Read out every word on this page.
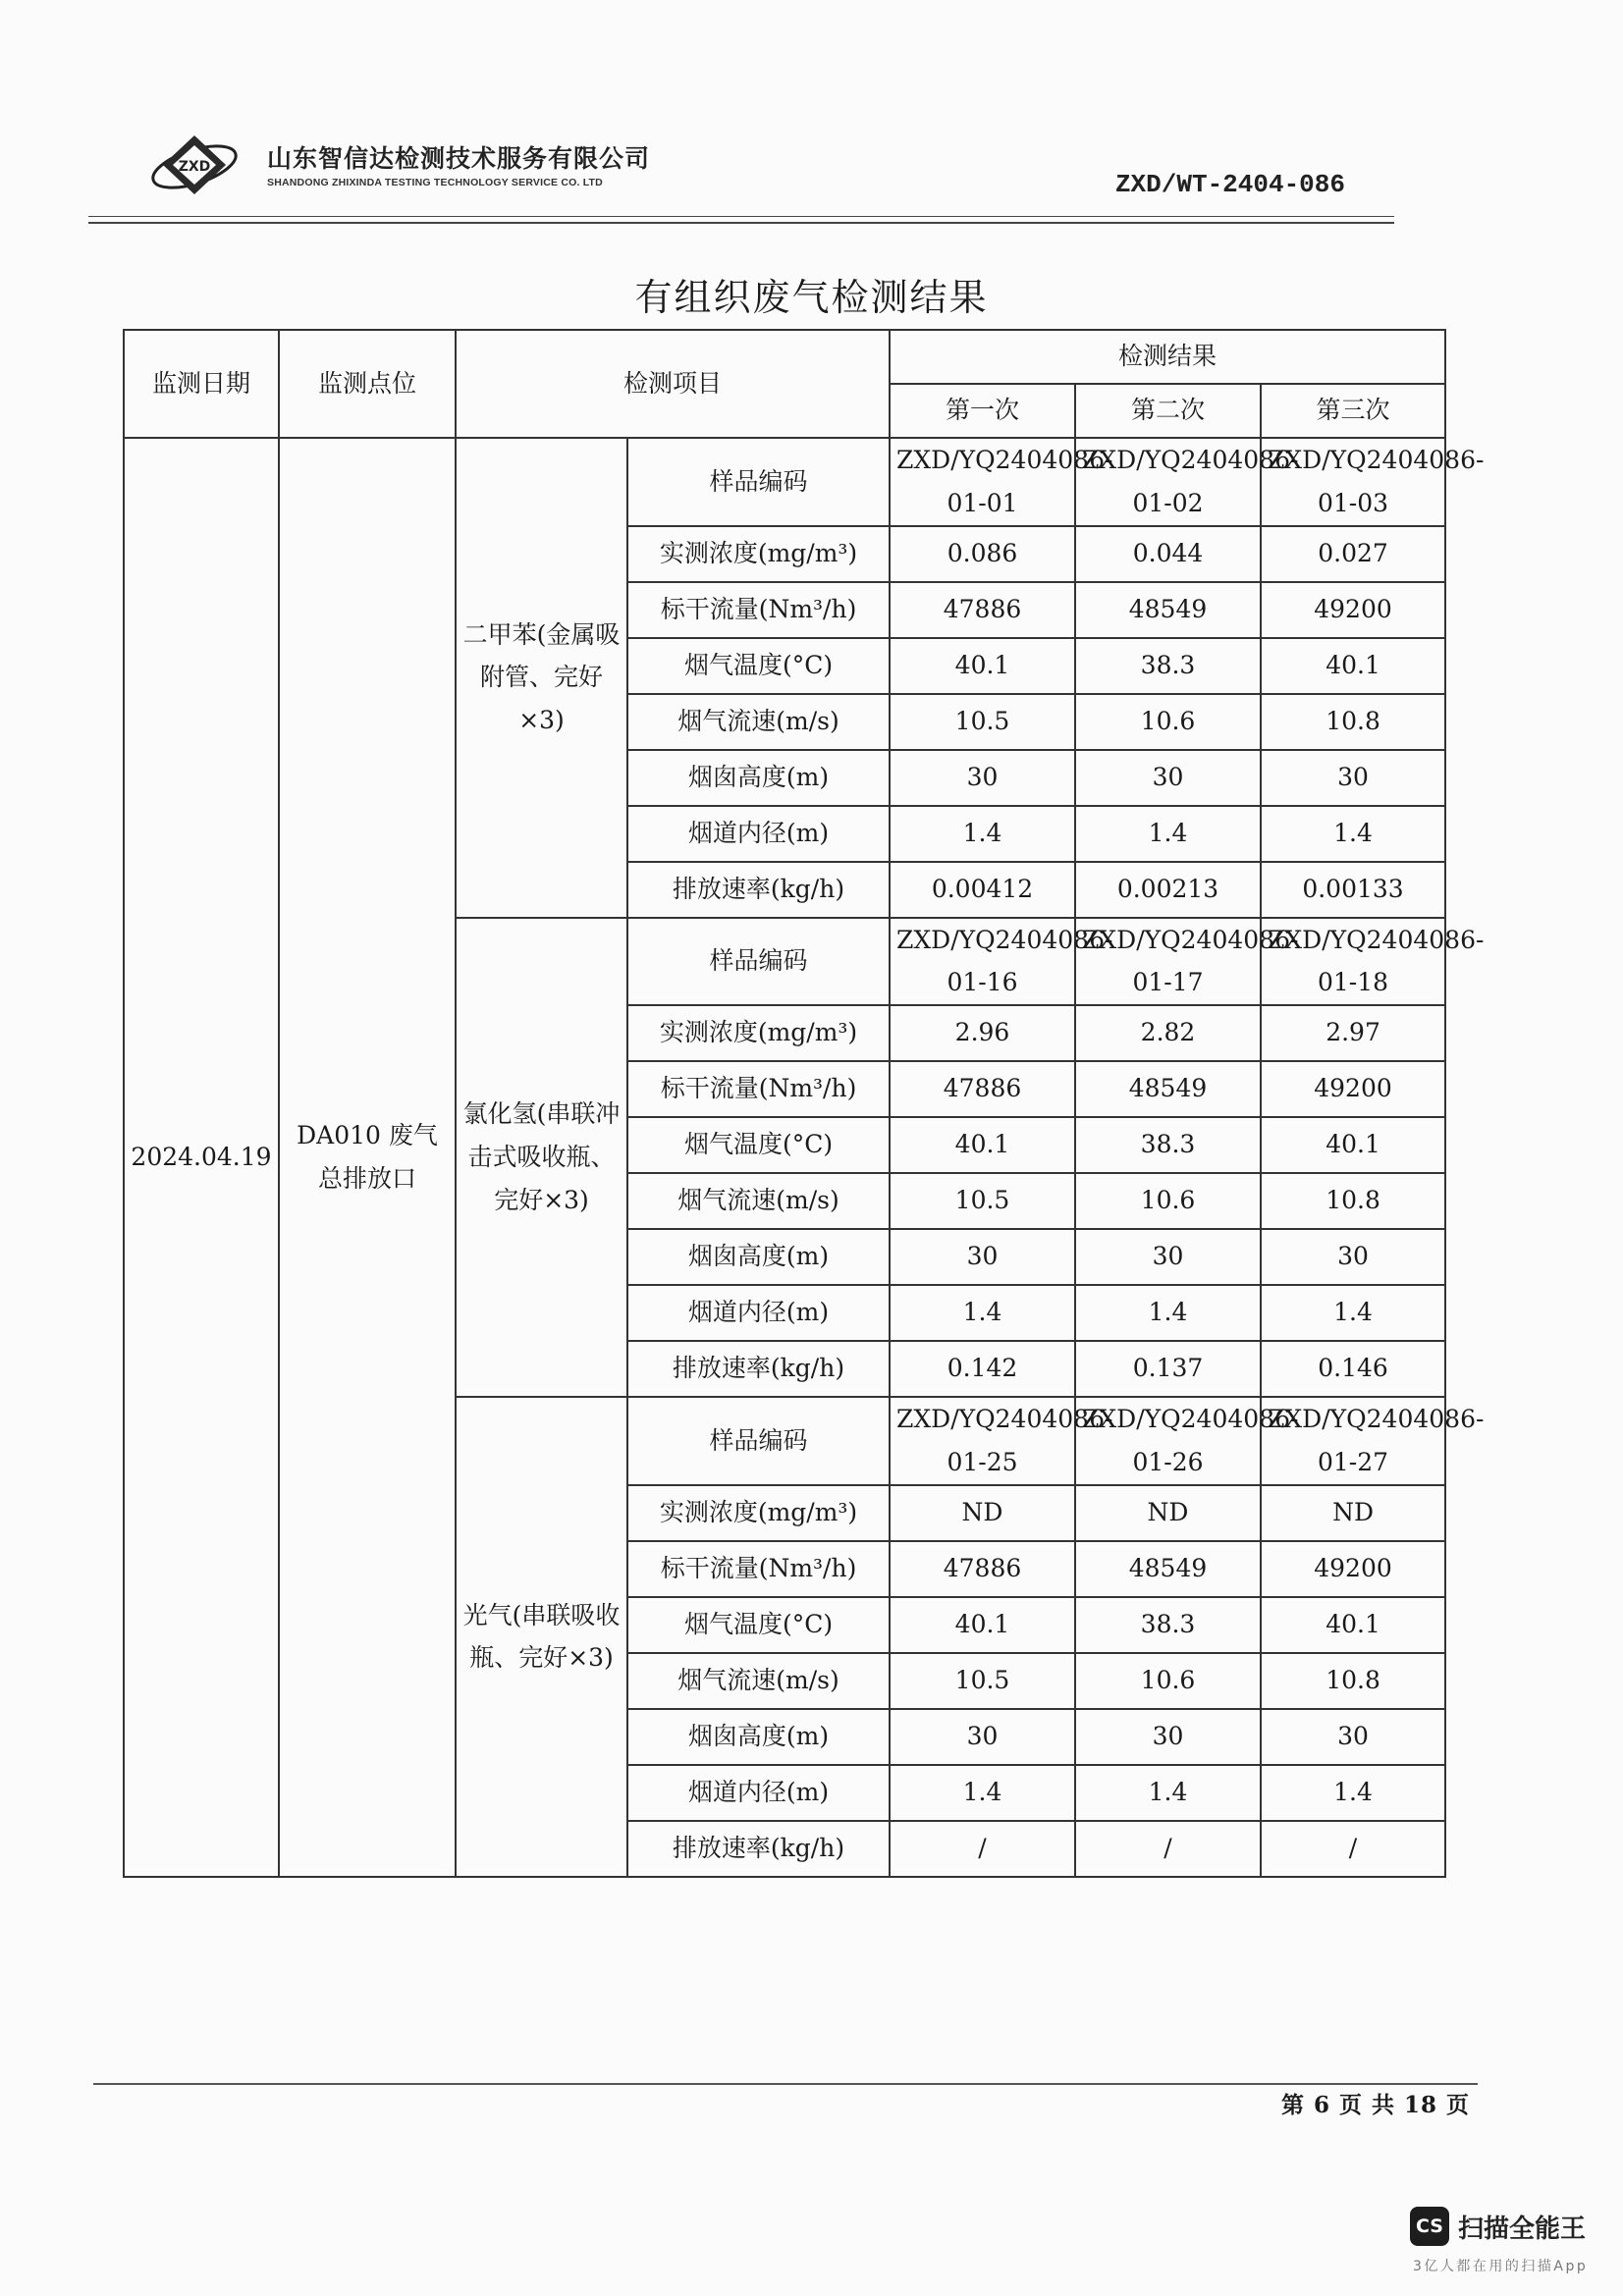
ZXD 山东智信达检测技术服务有限公司
SHANDONG ZHIXINDA TESTING TECHNOLOGY SERVICE CO. LTD	ZXD/WT-2404-086
有组织废气检测结果
监测日期	监测点位	检测项目		检测结果		
				第一次	第二次	第三次
2024.04.19	DA010 废气总排放口	二甲苯(金属吸附管、完好×3)	样品编码	ZXD/YQ2404086-01-01	ZXD/YQ2404086-01-02	ZXD/YQ2404086-01-03
			实测浓度(mg/m³)	0.086	0.044	0.027
			标干流量(Nm³/h)	47886	48549	49200
			烟气温度(°C)	40.1	38.3	40.1
			烟气流速(m/s)	10.5	10.6	10.8
			烟囱高度(m)	30	30	30
			烟道内径(m)	1.4	1.4	1.4
			排放速率(kg/h)	0.00412	0.00213	0.00133
		氯化氢(串联冲击式吸收瓶、完好×3)	样品编码	ZXD/YQ2404086-01-16	ZXD/YQ2404086-01-17	ZXD/YQ2404086-01-18
			实测浓度(mg/m³)	2.96	2.82	2.97
			标干流量(Nm³/h)	47886	48549	49200
			烟气温度(°C)	40.1	38.3	40.1
			烟气流速(m/s)	10.5	10.6	10.8
			烟囱高度(m)	30	30	30
			烟道内径(m)	1.4	1.4	1.4
			排放速率(kg/h)	0.142	0.137	0.146
		光气(串联吸收瓶、完好×3)	样品编码	ZXD/YQ2404086-01-25	ZXD/YQ2404086-01-26	ZXD/YQ2404086-01-27
			实测浓度(mg/m³)	ND	ND	ND
			标干流量(Nm³/h)	47886	48549	49200
			烟气温度(°C)	40.1	38.3	40.1
			烟气流速(m/s)	10.5	10.6	10.8
			烟囱高度(m)	30	30	30
			烟道内径(m)	1.4	1.4	1.4
			排放速率(kg/h)	/	/	/
第 6 页 共 18 页
CS 扫描全能王
3亿人都在用的扫描App
